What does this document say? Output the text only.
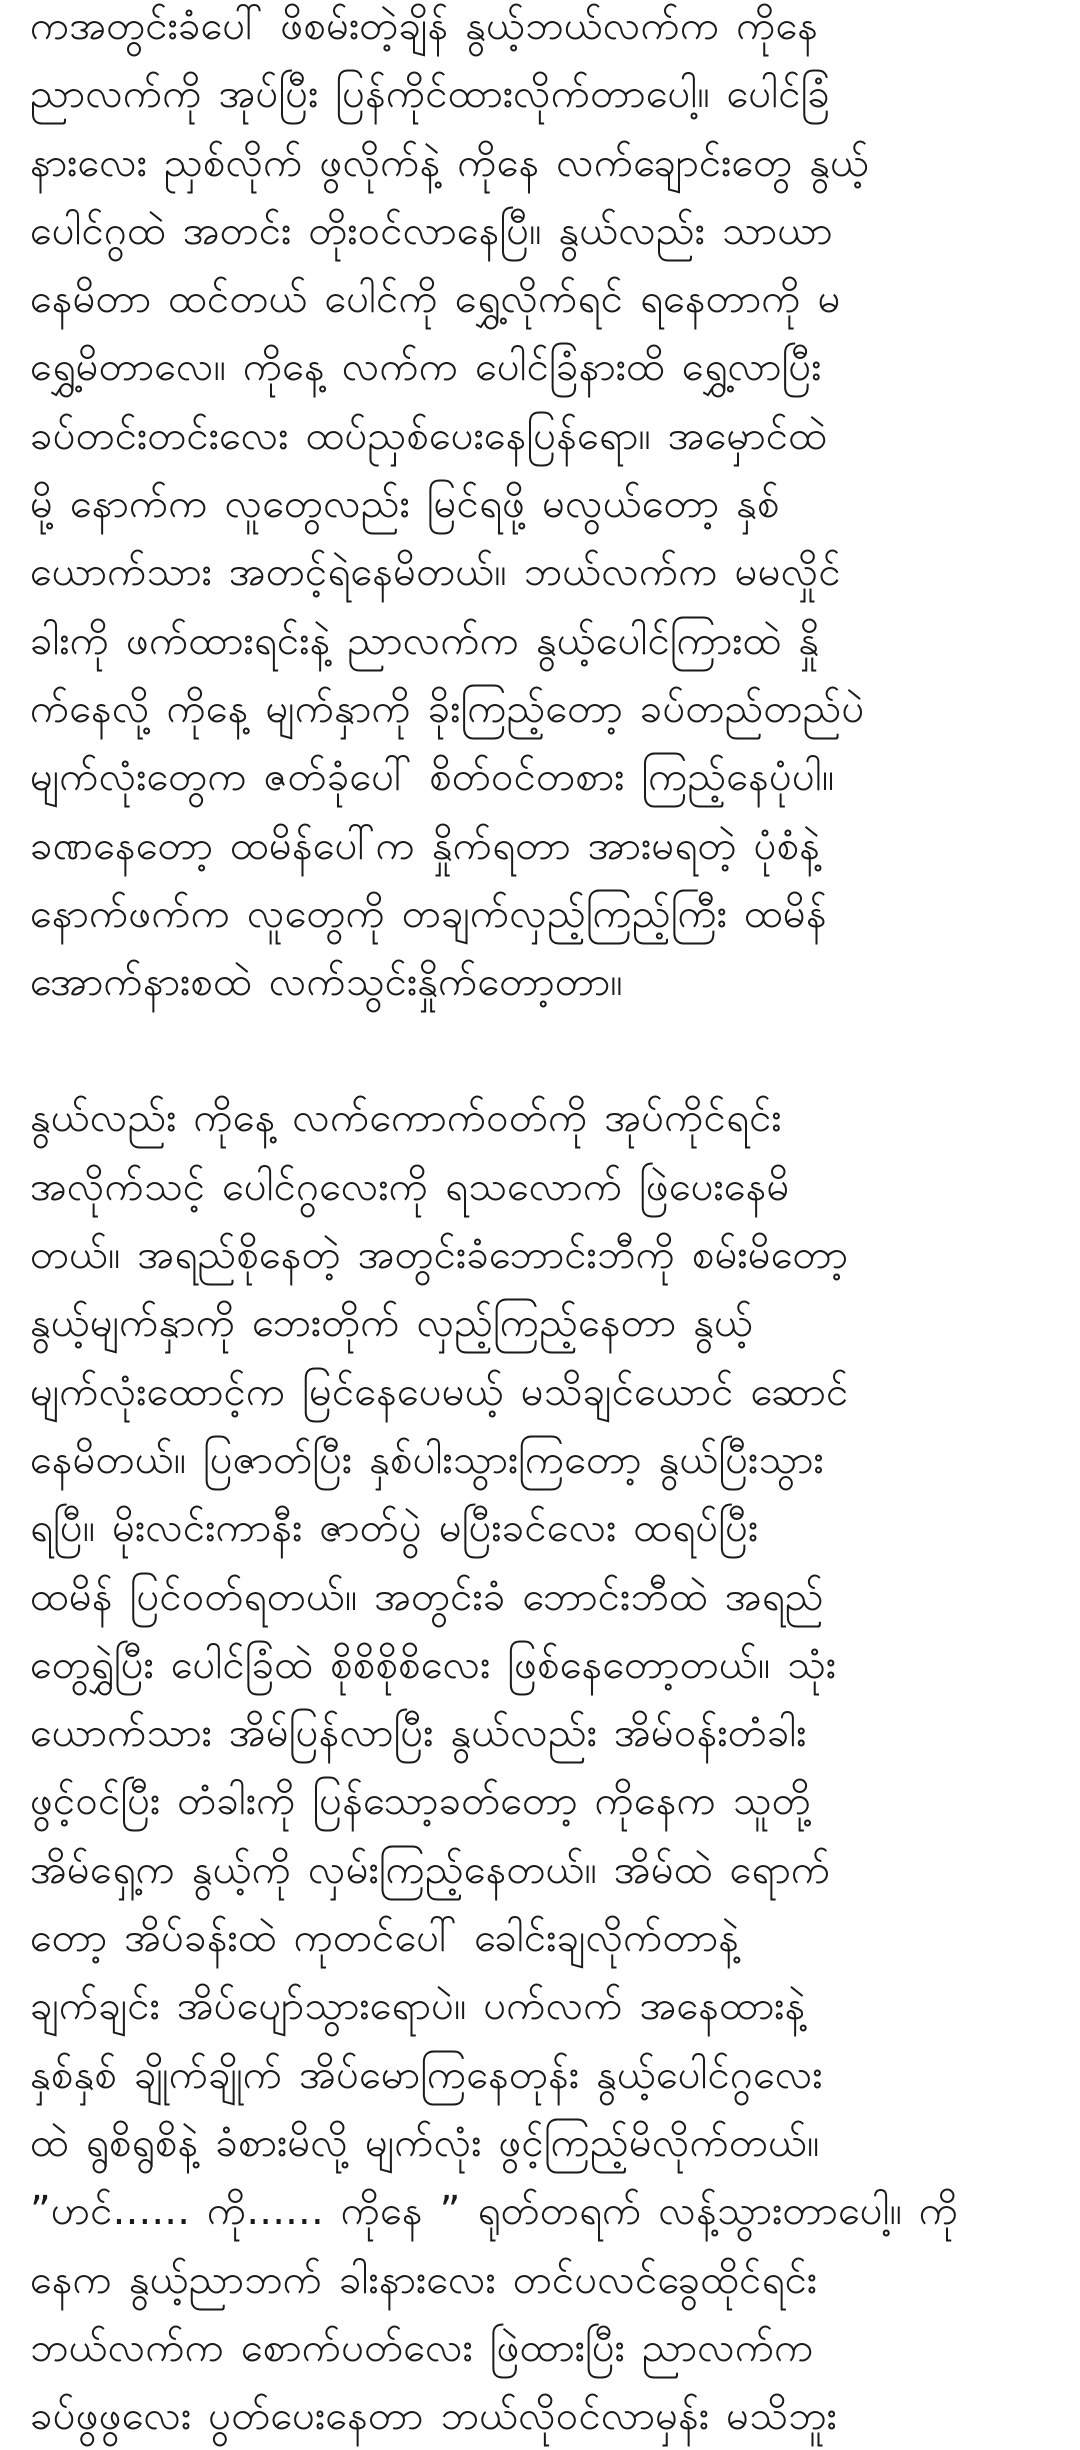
ကအတွင်းခံပေါ် ဖိစမ်းတဲ့ချိန် နွယ့်ဘယ်လက်က ကိုနေ
ညာလက်ကို အုပ်ပြီး ပြန်ကိုင်ထားလိုက်တာပေါ့။ ပေါင်ခြံ
နားလေး ညှစ်လိုက် ဖွလိုက်နဲ့ ကိုနေ လက်ချောင်းတွေ နွယ့်
ပေါင်ဂွထဲ အတင်း တိုးဝင်လာနေပြီ။ နွယ်လည်း သာယာ
နေမိတာ ထင်တယ် ပေါင်ကို ရွှေ့လိုက်ရင် ရနေတာကို မ
ရွှေ့မိတာလေ။ ကိုနေ့ လက်က ပေါင်ခြံနားထိ ရွှေ့လာပြီး
ခပ်တင်းတင်းလေး ထပ်ညှစ်ပေးနေပြန်ရော။ အမှောင်ထဲ
မို့ နောက်က လူတွေလည်း မြင်ရဖို့ မလွယ်တော့ နှစ်
ယောက်သား အတင့်ရဲနေမိတယ်။ ဘယ်လက်က မမလှိုင်
ခါးကို ဖက်ထားရင်းနဲ့ ညာလက်က နွယ့်ပေါင်ကြားထဲ နှို
က်နေလို့ ကိုနေ့ မျက်နှာကို ခိုးကြည့်တော့ ခပ်တည်တည်ပဲ
မျက်လုံးတွေက ဇတ်ခုံပေါ် စိတ်ဝင်တစား ကြည့်နေပုံပါ။
ခဏနေတော့ ထမိန်ပေါ်က နှိုက်ရတာ အားမရတဲ့ ပုံစံနဲ့
နောက်ဖက်က လူတွေကို တချက်လှည့်ကြည့်ကြီး ထမိန်
အောက်နားစထဲ လက်သွင်းနှိုက်တော့တာ။
နွယ်လည်း ကိုနေ့ လက်ကောက်ဝတ်ကို အုပ်ကိုင်ရင်း
အလိုက်သင့် ပေါင်ဂွလေးကို ရသလောက် ဖြဲပေးနေမိ
တယ်။ အရည်စိုနေတဲ့ အတွင်းခံဘောင်းဘီကို စမ်းမိတော့
နွယ့်မျက်နှာကို ဘေးတိုက် လှည့်ကြည့်နေတာ နွယ့်
မျက်လုံးထောင့်က မြင်နေပေမယ့် မသိချင်ယောင် ဆောင်
နေမိတယ်။ ပြဇာတ်ပြီး နှစ်ပါးသွားကြတော့ နွယ်ပြီးသွား
ရပြီ။ မိုးလင်းကာနီး ဇာတ်ပွဲ မပြီးခင်လေး ထရပ်ပြီး
ထမိန် ပြင်ဝတ်ရတယ်။ အတွင်းခံ ဘောင်းဘီထဲ အရည်
တွေရွှဲပြီး ပေါင်ခြံထဲ စိုစိစိုစိလေး ဖြစ်နေတော့တယ်။ သုံး
ယောက်သား အိမ်ပြန်လာပြီး နွယ်လည်း အိမ်ဝန်းတံခါး
ဖွင့်ဝင်ပြီး တံခါးကို ပြန်သော့ခတ်တော့ ကိုနေက သူတို့
အိမ်ရှေ့က နွယ့်ကို လှမ်းကြည့်နေတယ်။ အိမ်ထဲ ရောက်
တော့ အိပ်ခန်းထဲ ကုတင်ပေါ် ခေါင်းချလိုက်တာနဲ့
ချက်ချင်း အိပ်ပျော်သွားရောပဲ။ ပက်လက် အနေထားနဲ့
နှစ်နှစ် ချိုက်ချိုက် အိပ်မောကြနေတုန်း နွယ့်ပေါင်ဂွလေး
ထဲ ရွစိရွစိနဲ့ ခံစားမိလို့ မျက်လုံး ဖွင့်ကြည့်မိလိုက်တယ်။
”ဟင်...... ကို...... ကိုနေ ” ရုတ်တရက် လန့်သွားတာပေါ့။ ကို
နေက နွယ့်ညာဘက် ခါးနားလေး တင်ပလင်ခွေထိုင်ရင်း
ဘယ်လက်က စောက်ပတ်လေး ဖြဲထားပြီး ညာလက်က
ခပ်ဖွဖွလေး ပွတ်ပေးနေတာ ဘယ်လိုဝင်လာမှန်း မသိဘူး
